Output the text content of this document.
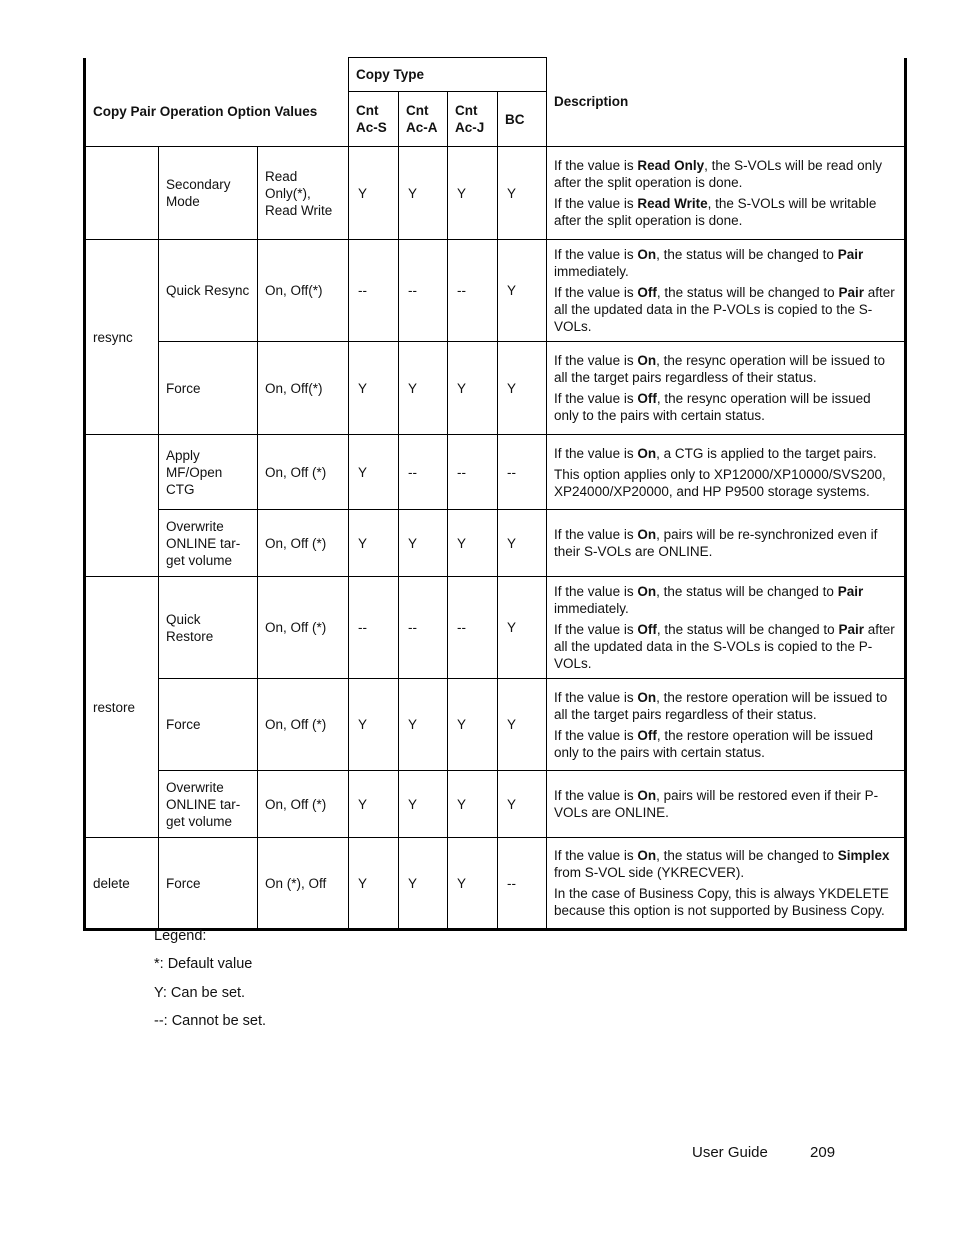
Copy Pair Operation Option Values			Copy Type				Description
			Cnt Ac-S	Cnt Ac-A	Cnt Ac-J	BC	
	Secondary Mode	Read Only(*), Read Write	Y	Y	Y	Y	If the value is Read Only, the S-VOLs will be read only after the split operation is done.

If the value is Read Write, the S-VOLs will be writable after the split operation is done.

resync	Quick Resync	On, Off(*)	--	--	--	Y	If the value is On, the status will be changed to Pair immediately.

If the value is Off, the status will be changed to Pair after all the updated data in the P-VOLs is copied to the S-VOLs.

	Force	On, Off(*)	Y	Y	Y	Y	If the value is On, the resync operation will be issued to all the target pairs regardless of their status.

If the value is Off, the resync operation will be issued only to the pairs with certain status.

	Apply MF/Open CTG	On, Off (*)	Y	--	--	--	If the value is On, a CTG is applied to the target pairs.

This option applies only to XP12000/XP10000/SVS200, XP24000/XP20000, and HP P9500 storage systems.

	Overwrite ONLINE tar-get volume	On, Off (*)	Y	Y	Y	Y	If the value is On, pairs will be re-synchronized even if their S-VOLs are ONLINE.

restore	Quick Restore	On, Off (*)	--	--	--	Y	If the value is On, the status will be changed to Pair immediately.

If the value is Off, the status will be changed to Pair after all the updated data in the S-VOLs is copied to the P-VOLs.

	Force	On, Off (*)	Y	Y	Y	Y	If the value is On, the restore operation will be issued to all the target pairs regardless of their status.

If the value is Off, the restore operation will be issued only to the pairs with certain status.

	Overwrite ONLINE tar-get volume	On, Off (*)	Y	Y	Y	Y	If the value is On, pairs will be restored even if their P-VOLs are ONLINE.

delete	Force	On (*), Off	Y	Y	Y	--	If the value is On, the status will be changed to Simplex from S-VOL side (YKRECVER).

In the case of Business Copy, this is always YKDELETE because this option is not supported by Business Copy.

Legend:
*: Default value
Y: Can be set.
--: Cannot be set.
User Guide	209
